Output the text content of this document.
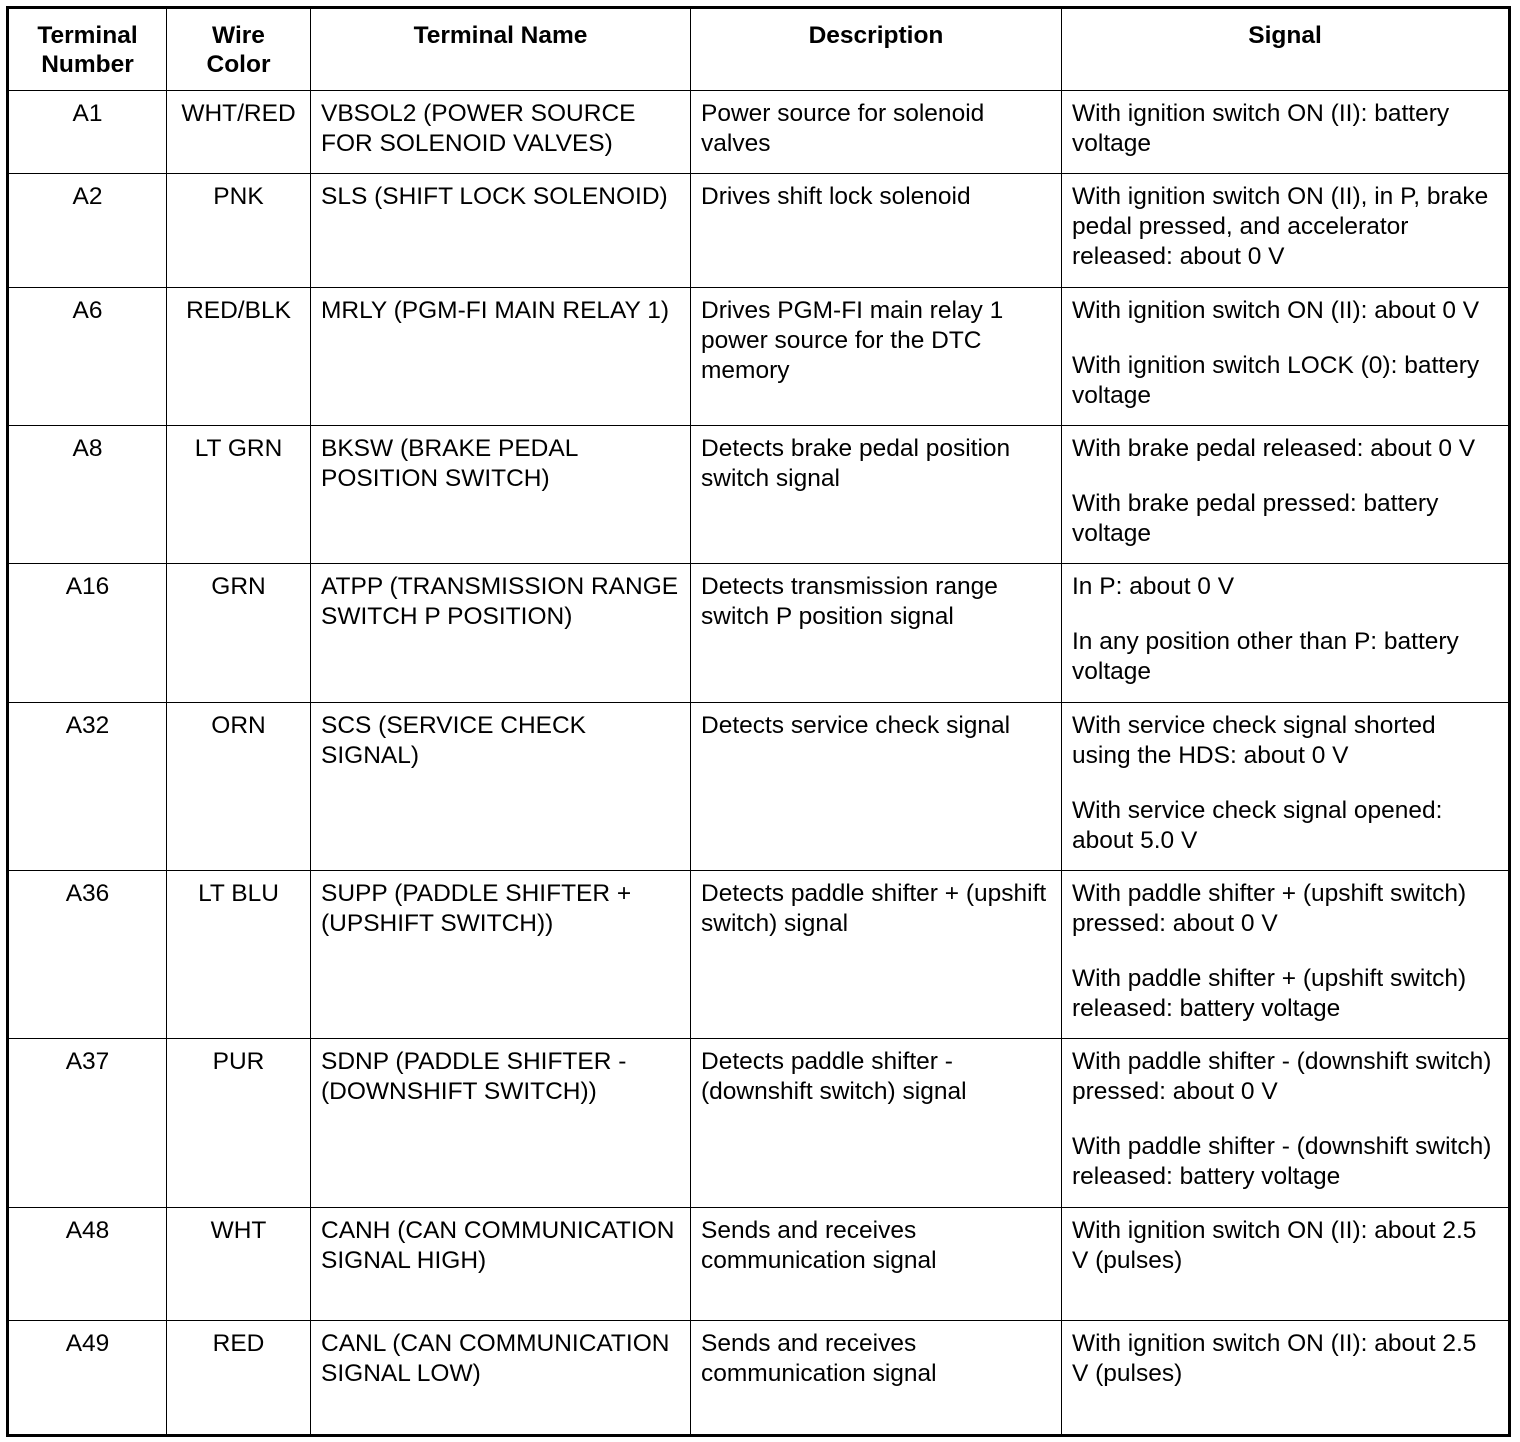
Terminal Number	Wire Color	Terminal Name	Description	Signal
A1	WHT/RED	VBSOL2 (POWER SOURCE FOR SOLENOID VALVES)	Power source for solenoid valves	With ignition switch ON (II): battery voltage

A2	PNK	SLS (SHIFT LOCK SOLENOID)	Drives shift lock solenoid	With ignition switch ON (II), in P, brake pedal pressed, and accelerator released: about 0 V

A6	RED/BLK	MRLY (PGM-FI MAIN RELAY 1)	Drives PGM-FI main relay 1 power source for the DTC memory	With ignition switch ON (II): about 0 V
With ignition switch LOCK (0): battery voltage

A8	LT GRN	BKSW (BRAKE PEDAL POSITION SWITCH)	Detects brake pedal position switch signal	With brake pedal released: about 0 V
With brake pedal pressed: battery voltage

A16	GRN	ATPP (TRANSMISSION RANGE SWITCH P POSITION)	Detects transmission range switch P position signal	In P: about 0 V
In any position other than P: battery voltage

A32	ORN	SCS (SERVICE CHECK SIGNAL)	Detects service check signal	With service check signal shorted using the HDS: about 0 V
With service check signal opened: about 5.0 V

A36	LT BLU	SUPP (PADDLE SHIFTER + (UPSHIFT SWITCH))	Detects paddle shifter + (upshift switch) signal	With paddle shifter + (upshift switch) pressed: about 0 V
With paddle shifter + (upshift switch) released: battery voltage

A37	PUR	SDNP (PADDLE SHIFTER - (DOWNSHIFT SWITCH))	Detects paddle shifter - (downshift switch) signal	With paddle shifter - (downshift switch) pressed: about 0 V
With paddle shifter - (downshift switch) released: battery voltage

A48	WHT	CANH (CAN COMMUNICATION SIGNAL HIGH)	Sends and receives communication signal	With ignition switch ON (II): about 2.5 V (pulses)

A49	RED	CANL (CAN COMMUNICATION SIGNAL LOW)	Sends and receives communication signal	With ignition switch ON (II): about 2.5 V (pulses)
